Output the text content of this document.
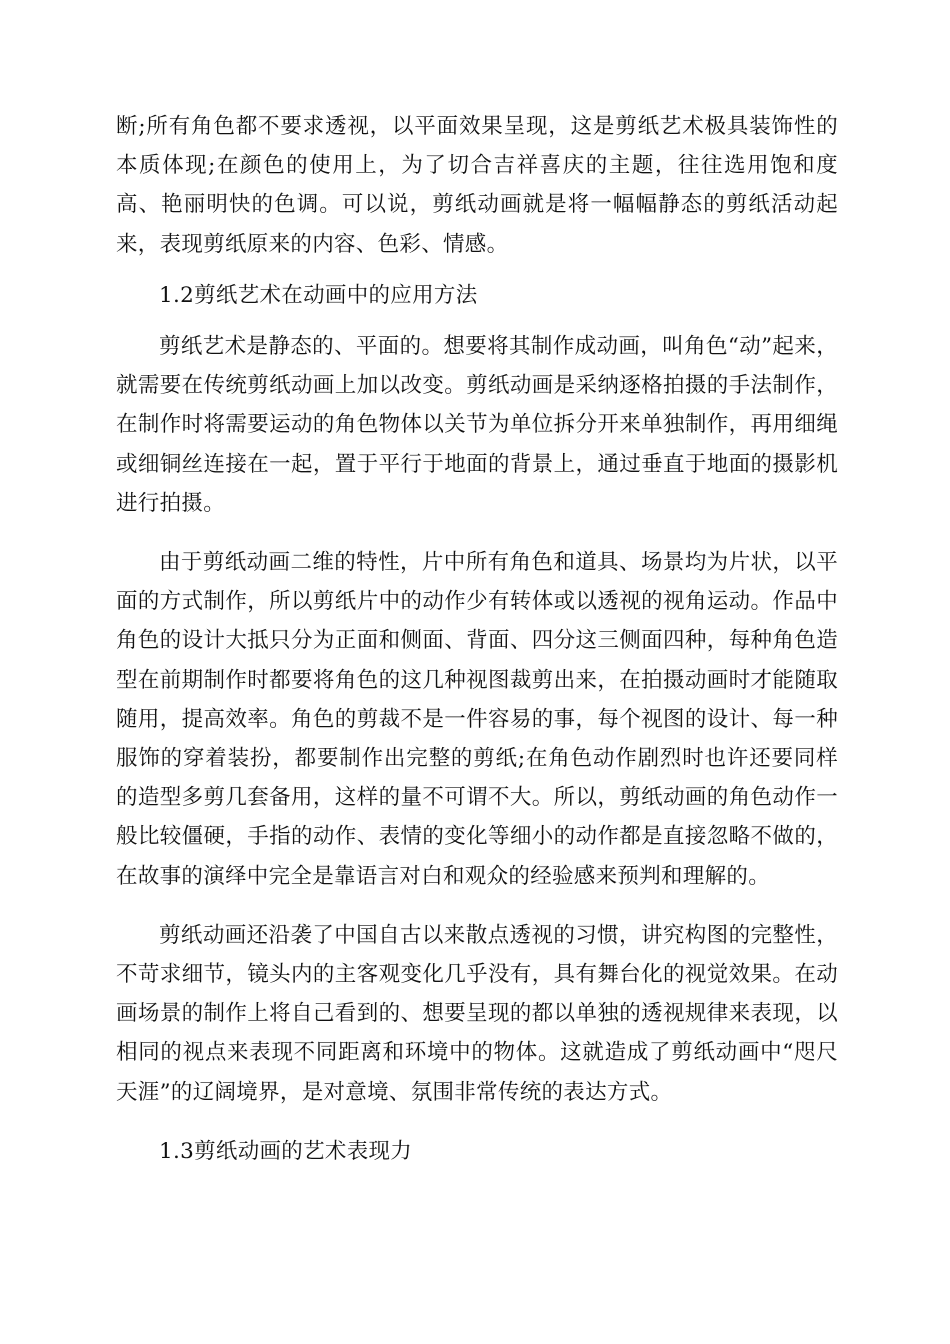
断;所有角色都不要求透视，以平面效果呈现，这是剪纸艺术极具装饰性的本质体现;在颜色的使用上，为了切合吉祥喜庆的主题，往往选用饱和度高、艳丽明快的色调。可以说，剪纸动画就是将一幅幅静态的剪纸活动起来，表现剪纸原来的内容、色彩、情感。

1.2剪纸艺术在动画中的应用方法

剪纸艺术是静态的、平面的。想要将其制作成动画，叫角色“动”起来，就需要在传统剪纸动画上加以改变。剪纸动画是采纳逐格拍摄的手法制作，在制作时将需要运动的角色物体以关节为单位拆分开来单独制作，再用细绳或细铜丝连接在一起，置于平行于地面的背景上，通过垂直于地面的摄影机进行拍摄。

由于剪纸动画二维的特性，片中所有角色和道具、场景均为片状，以平面的方式制作，所以剪纸片中的动作少有转体或以透视的视角运动。作品中角色的设计大抵只分为正面和侧面、背面、四分这三侧面四种，每种角色造型在前期制作时都要将角色的这几种视图裁剪出来，在拍摄动画时才能随取随用，提高效率。角色的剪裁不是一件容易的事，每个视图的设计、每一种服饰的穿着装扮，都要制作出完整的剪纸;在角色动作剧烈时也许还要同样的造型多剪几套备用，这样的量不可谓不大。所以，剪纸动画的角色动作一般比较僵硬，手指的动作、表情的变化等细小的动作都是直接忽略不做的，在故事的演绎中完全是靠语言对白和观众的经验感来预判和理解的。

剪纸动画还沿袭了中国自古以来散点透视的习惯，讲究构图的完整性，不苛求细节，镜头内的主客观变化几乎没有，具有舞台化的视觉效果。在动画场景的制作上将自己看到的、想要呈现的都以单独的透视规律来表现，以相同的视点来表现不同距离和环境中的物体。这就造成了剪纸动画中“咫尺天涯”的辽阔境界，是对意境、氛围非常传统的表达方式。

1.3剪纸动画的艺术表现力
